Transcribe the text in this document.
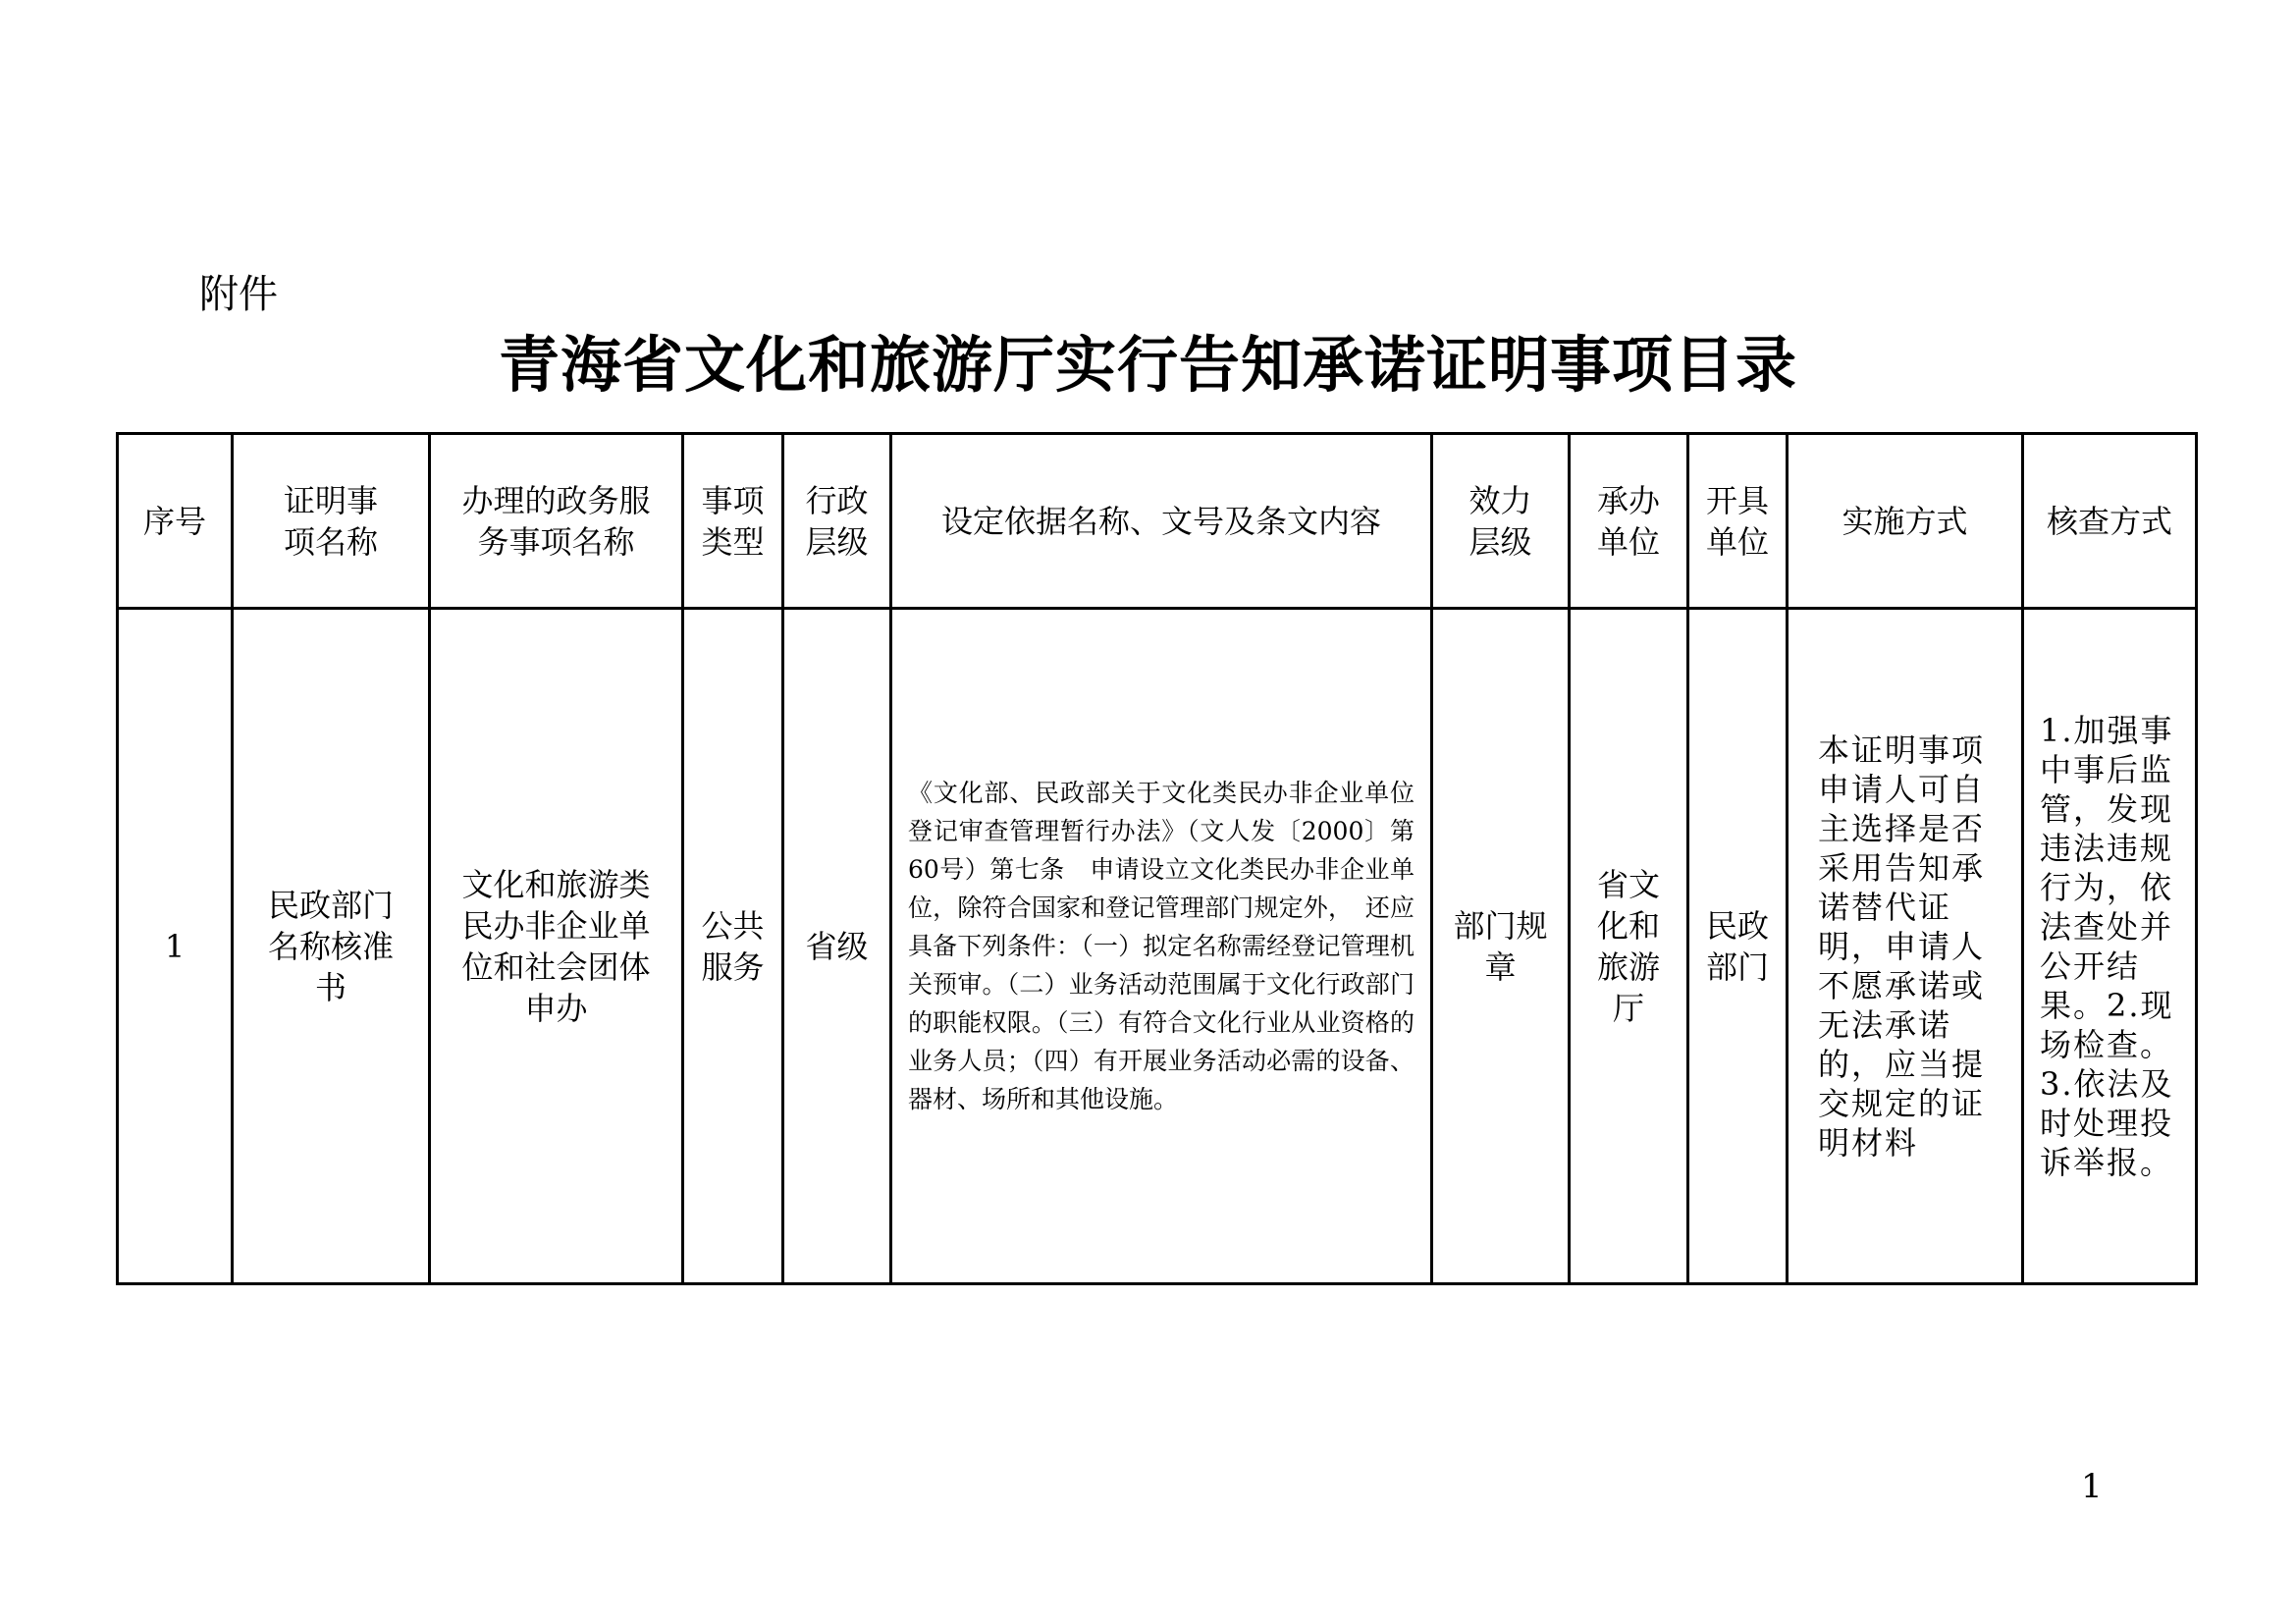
附件
青海省文化和旅游厅实行告知承诺证明事项目录
序号	证明事项名称	办理的政务服务事项名称	事项类型	行政层级	设定依据名称、文号及条文内容	效力层级	承办单位	开具单位	实施方式	核查方式
1	民政部门名称核准书	文化和旅游类民办非企业单位和社会团体申办	公共服务	省级	《文化部、民政部关于文化类民办非企业单位登记审查管理暂行办法》（文人发〔2000〕第60号）第七条　申请设立文化类民办非企业单位，除符合国家和登记管理部门规定外，　还应具备下列条件：（一）拟定名称需经登记管理机关预审。（二）业务活动范围属于文化行政部门的职能权限。（三）有符合文化行业从业资格的业务人员；（四）有开展业务活动必需的设备、器材、场所和其他设施。	部门规章	省文化和旅游厅	民政部门	本证明事项申请人可自主选择是否采用告知承诺替代证明，申请人不愿承诺或无法承诺的，应当提交规定的证明材料	1.加强事中事后监管，发现违法违规行为，依法查处并公开结果。2.现场检查。3.依法及时处理投诉举报。
1
